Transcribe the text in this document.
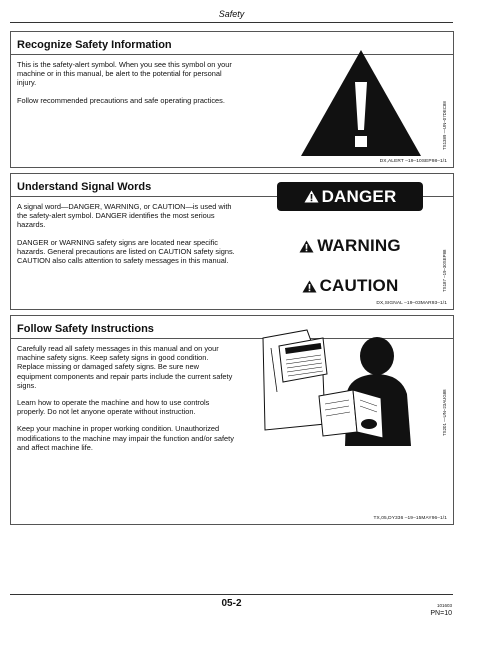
Safety
Recognize Safety Information

This is the safety-alert symbol. When you see this symbol on your machine or in this manual, be alert to the potential for personal injury.

Follow recommended precautions and safe operating practices.

TS1389 —UN–07DEC88
DX,ALERT –19–10SEP98–1/1
Understand Signal Words

A signal word—DANGER, WARNING, or CAUTION—is used with the safety-alert symbol. DANGER identifies the most serious hazards.

DANGER or WARNING safety signs are located near specific hazards. General precautions are listed on CAUTION safety signs. CAUTION also calls attention to safety messages in this manual.

DANGER
WARNING
CAUTION	TS187 –19–30SEP88
DX,SIGNAL –19–03MAR93–1/1
Follow Safety Instructions

Carefully read all safety messages in this manual and on your machine safety signs. Keep safety signs in good condition. Replace missing or damaged safety signs. Be sure new equipment components and repair parts include the current safety signs.

Learn how to operate the machine and how to use controls properly. Do not let anyone operate without instruction.

Keep your machine in proper working condition. Unauthorized modifications to the machine may impair the function and/or safety and affect machine life.

TS201 —UN–23AUG88
TX,05,DY336 –19–15MAY96–1/1
05-2	101603
PN=10
